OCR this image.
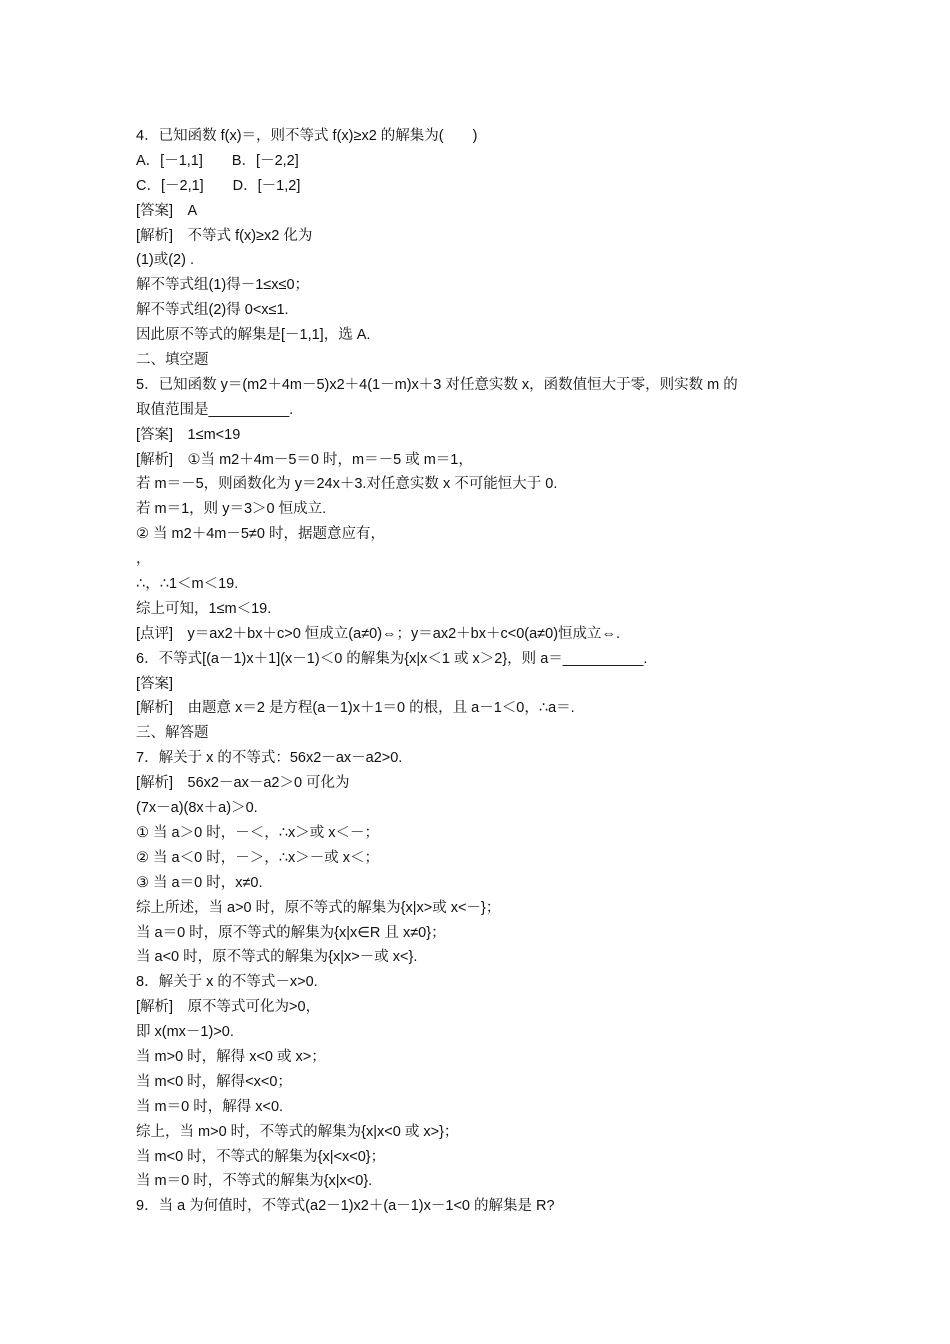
4．已知函数 f(x)＝，则不等式 f(x)≥x2 的解集为(　　)
A．[－1,1]　　B．[－2,2]
C．[－2,1]　　D．[－1,2]
[答案]　A
[解析]　不等式 f(x)≥x2 化为
(1)或(2) .
解不等式组(1)得－1≤x≤0；
解不等式组(2)得 0<x≤1.
因此原不等式的解集是[－1,1]，选 A.
二、填空题
5．已知函数 y＝(m2＋4m－5)x2＋4(1－m)x＋3 对任意实数 x，函数值恒大于零，则实数 m 的
取值范围是__________.
[答案]　1≤m<19
[解析]　①当 m2＋4m－5＝0 时，m＝－5 或 m＝1，
若 m＝－5，则函数化为 y＝24x＋3.对任意实数 x 不可能恒大于 0.
若 m＝1，则 y＝3＞0 恒成立.
② 当 m2＋4m－5≠0 时，据题意应有，
，
∴，∴1＜m＜19.
综上可知，1≤m＜19.
[点评]　y＝ax2＋bx＋c>0 恒成立(a≠0)⇔；y＝ax2＋bx＋c<0(a≠0)恒成立⇔.
6．不等式[(a－1)x＋1](x－1)＜0 的解集为{x|x＜1 或 x＞2}，则 a＝__________.
[答案]
[解析]　由题意 x＝2 是方程(a－1)x＋1＝0 的根，且 a－1＜0，∴a＝.
三、解答题
7．解关于 x 的不等式：56x2－ax－a2>0.
[解析]　56x2－ax－a2＞0 可化为
(7x－a)(8x＋a)＞0.
① 当 a＞0 时，－＜，∴x＞或 x＜－；
② 当 a＜0 时，－＞，∴x＞－或 x＜；
③ 当 a＝0 时，x≠0.
综上所述，当 a>0 时，原不等式的解集为{x|x>或 x<－}；
当 a＝0 时，原不等式的解集为{x|x∈R 且 x≠0}；
当 a<0 时，原不等式的解集为{x|x>－或 x<}.
8．解关于 x 的不等式－x>0.
[解析]　原不等式可化为>0，
即 x(mx－1)>0.
当 m>0 时，解得 x<0 或 x>；
当 m<0 时，解得<x<0；
当 m＝0 时，解得 x<0.
综上，当 m>0 时，不等式的解集为{x|x<0 或 x>}；
当 m<0 时，不等式的解集为{x|<x<0}；
当 m＝0 时，不等式的解集为{x|x<0}.
9．当 a 为何值时，不等式(a2－1)x2＋(a－1)x－1<0 的解集是 R?
